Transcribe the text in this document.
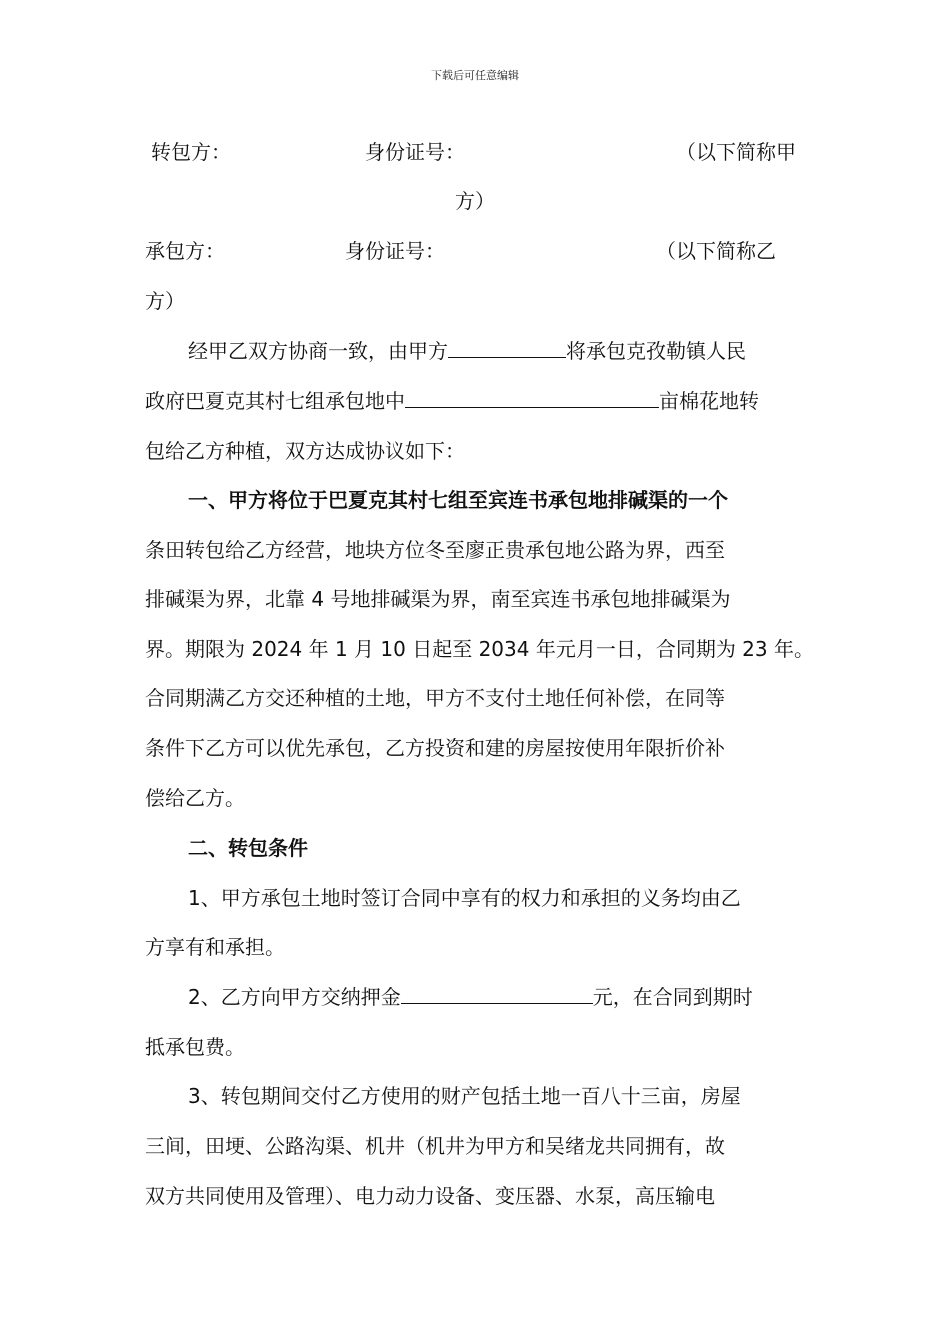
下载后可任意编辑
转包方：	身份证号：	（以下简称甲
方）
承包方：	身份证号：	（以下简称乙
方）
经甲乙双方协商一致，由甲方	将承包克孜勒镇人民
政府巴夏克其村七组承包地中	亩棉花地转
包给乙方种植，双方达成协议如下：
一、甲方将位于巴夏克其村七组至宾连书承包地排碱渠的一个
条田转包给乙方经营，地块方位冬至廖正贵承包地公路为界，西至
排碱渠为界，北靠 4 号地排碱渠为界，南至宾连书承包地排碱渠为
界。期限为 2024 年 1 月 10 日起至 2034 年元月一日，合同期为 23 年。
合同期满乙方交还种植的土地，甲方不支付土地任何补偿，在同等
条件下乙方可以优先承包，乙方投资和建的房屋按使用年限折价补
偿给乙方。
二、转包条件
1、甲方承包土地时签订合同中享有的权力和承担的义务均由乙
方享有和承担。
2、乙方向甲方交纳押金	元，在合同到期时
抵承包费。
3、转包期间交付乙方使用的财产包括土地一百八十三亩，房屋
三间，田埂、公路沟渠、机井（机井为甲方和吴绪龙共同拥有，故
双方共同使用及管理）、电力动力设备、变压器、水泵，高压输电
